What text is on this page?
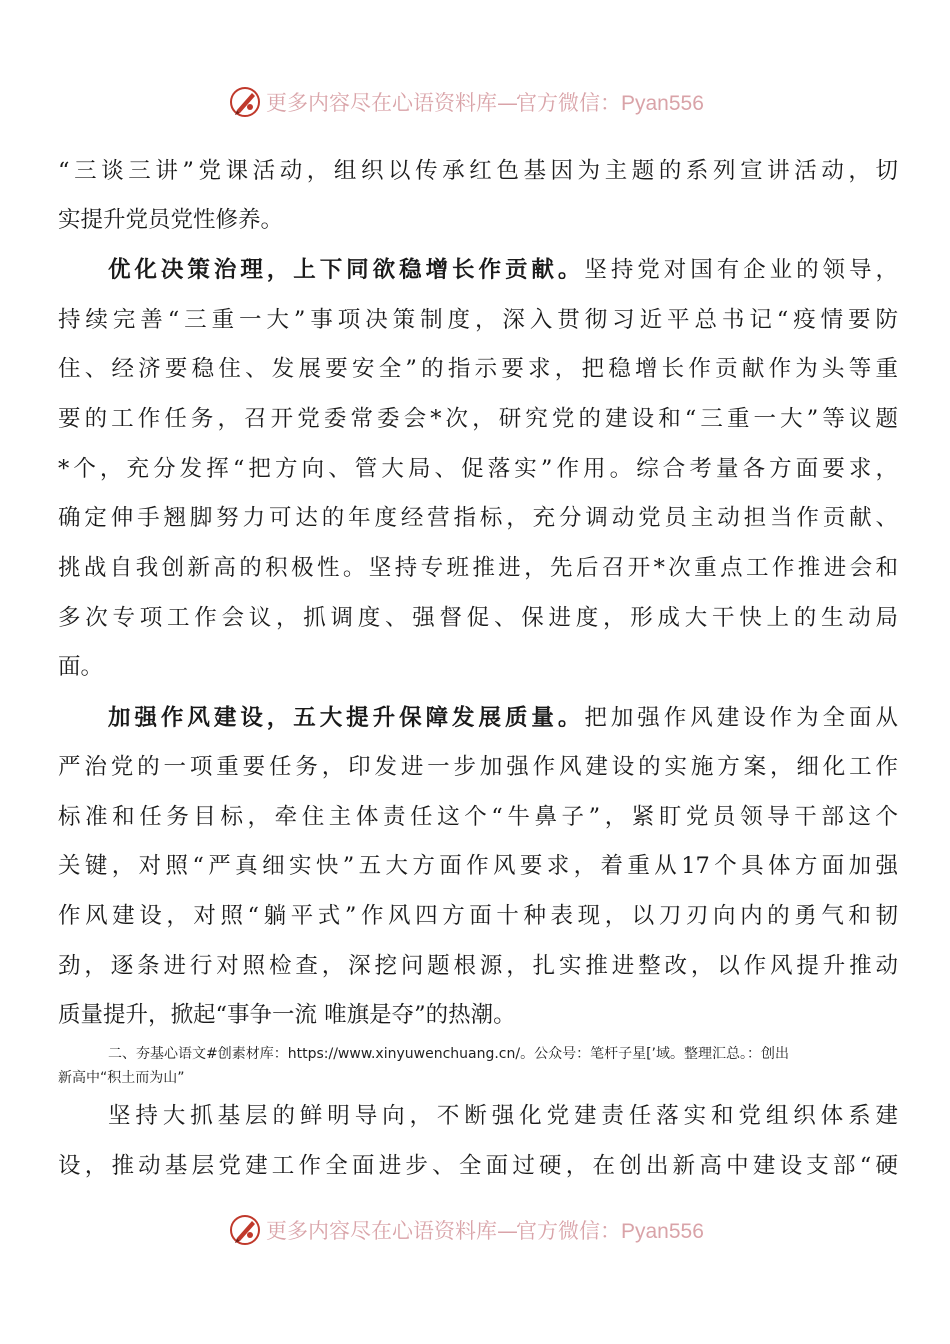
更多内容尽在心语资料库—官方微信：Pyan556
“三谈三讲”党课活动，组织以传承红色基因为主题的系列宣讲活动，切
实提升党员党性修养。
优化决策治理，上下同欲稳增长作贡献。坚持党对国有企业的领导，
持续完善“三重一大”事项决策制度，深入贯彻习近平总书记“疫情要防
住、经济要稳住、发展要安全”的指示要求，把稳增长作贡献作为头等重
要的工作任务，召开党委常委会*次，研究党的建设和“三重一大”等议题
*个，充分发挥“把方向、管大局、促落实”作用。综合考量各方面要求，
确定伸手翘脚努力可达的年度经营指标，充分调动党员主动担当作贡献、
挑战自我创新高的积极性。坚持专班推进，先后召开*次重点工作推进会和
多次专项工作会议，抓调度、强督促、保进度，形成大干快上的生动局
面。
加强作风建设，五大提升保障发展质量。把加强作风建设作为全面从
严治党的一项重要任务，印发进一步加强作风建设的实施方案，细化工作
标准和任务目标，牵住主体责任这个“牛鼻子”，紧盯党员领导干部这个
关键，对照“严真细实快”五大方面作风要求，着重从17个具体方面加强
作风建设，对照“躺平式”作风四方面十种表现，以刀刃向内的勇气和韧
劲，逐条进行对照检查，深挖问题根源，扎实推进整改，以作风提升推动
质量提升，掀起“事争一流 唯旗是夺”的热潮。
二、夯基心语文#创素材库：https://www.xinyuwenchuang.cn/。公众号：笔杆子星[’域。整理汇总。：创出
新高中“积土而为山”
坚持大抓基层的鲜明导向，不断强化党建责任落实和党组织体系建
设，推动基层党建工作全面进步、全面过硬，在创出新高中建设支部“硬
更多内容尽在心语资料库—官方微信：Pyan556
